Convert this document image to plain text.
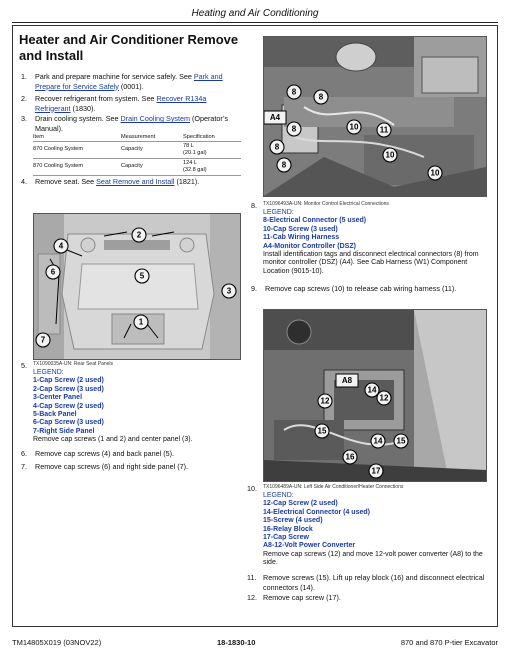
Heating and Air Conditioning
Heater and Air Conditioner Remove and Install
1. Park and prepare machine for service safely. See Park and Prepare for Service Safely (0001).
2. Recover refrigerant from system. See Recover R134a Refrigerant (1830).
3. Drain cooling system. See Drain Cooling System (Operator’s Manual).
Item	Measurement	Specification
870 Cooling System	Capacity	78 L
(20.1 gal)
870 Cooling System	Capacity	124 L
(32.8 gal)
4. Remove seat. See Seat Remove and Install (1821).
2
4
5
3
6
1
7
TX1090035A-UN: Rear Seat Panels
5.
LEGEND:
1-Cap Screw (2 used)
2-Cap Screw (3 used)
3-Center Panel
4-Cap Screw (2 used)
5-Back Panel
6-Cap Screw (3 used)
7-Right Side Panel
Remove cap screws (1 and 2) and center panel (3).
6. Remove cap screws (4) and back panel (5).
7. Remove cap screws (6) and right side panel (7).
8
8
8
8
8
10	11
10
10
A4
TX1096493A-UN: Monitor Control Electrical Connections
8.
LEGEND:
8-Electrical Connector (5 used)
10-Cap Screw (3 used)
11-Cab Wiring Harness
A4-Monitor Controller (DSZ)
Install identification tags and disconnect electrical connectors (8) from monitor controller (DSZ) (A4). See Cab Harness (W1) Component Location (9015-10).
9. Remove cap screws (10) to release cab wiring harness (11).
A8
14
12	12
15
15
14
16
17
TX1096489A-UN: Left Side Air Conditioner/Heater Connections
10.
LEGEND:
12-Cap Screw (2 used)
14-Electrical Connector (4 used)
15-Screw (4 used)
16-Relay Block
17-Cap Screw
A8-12-Volt Power Converter
Remove cap screws (12) and move 12-volt power converter (A8) to the side.
11. Remove screws (15). Lift up relay block (16) and disconnect electrical connectors (14).
12. Remove cap screw (17).
TM14805X019 (03NOV22)	18-1830-10	870 and 870 P-tier Excavator
